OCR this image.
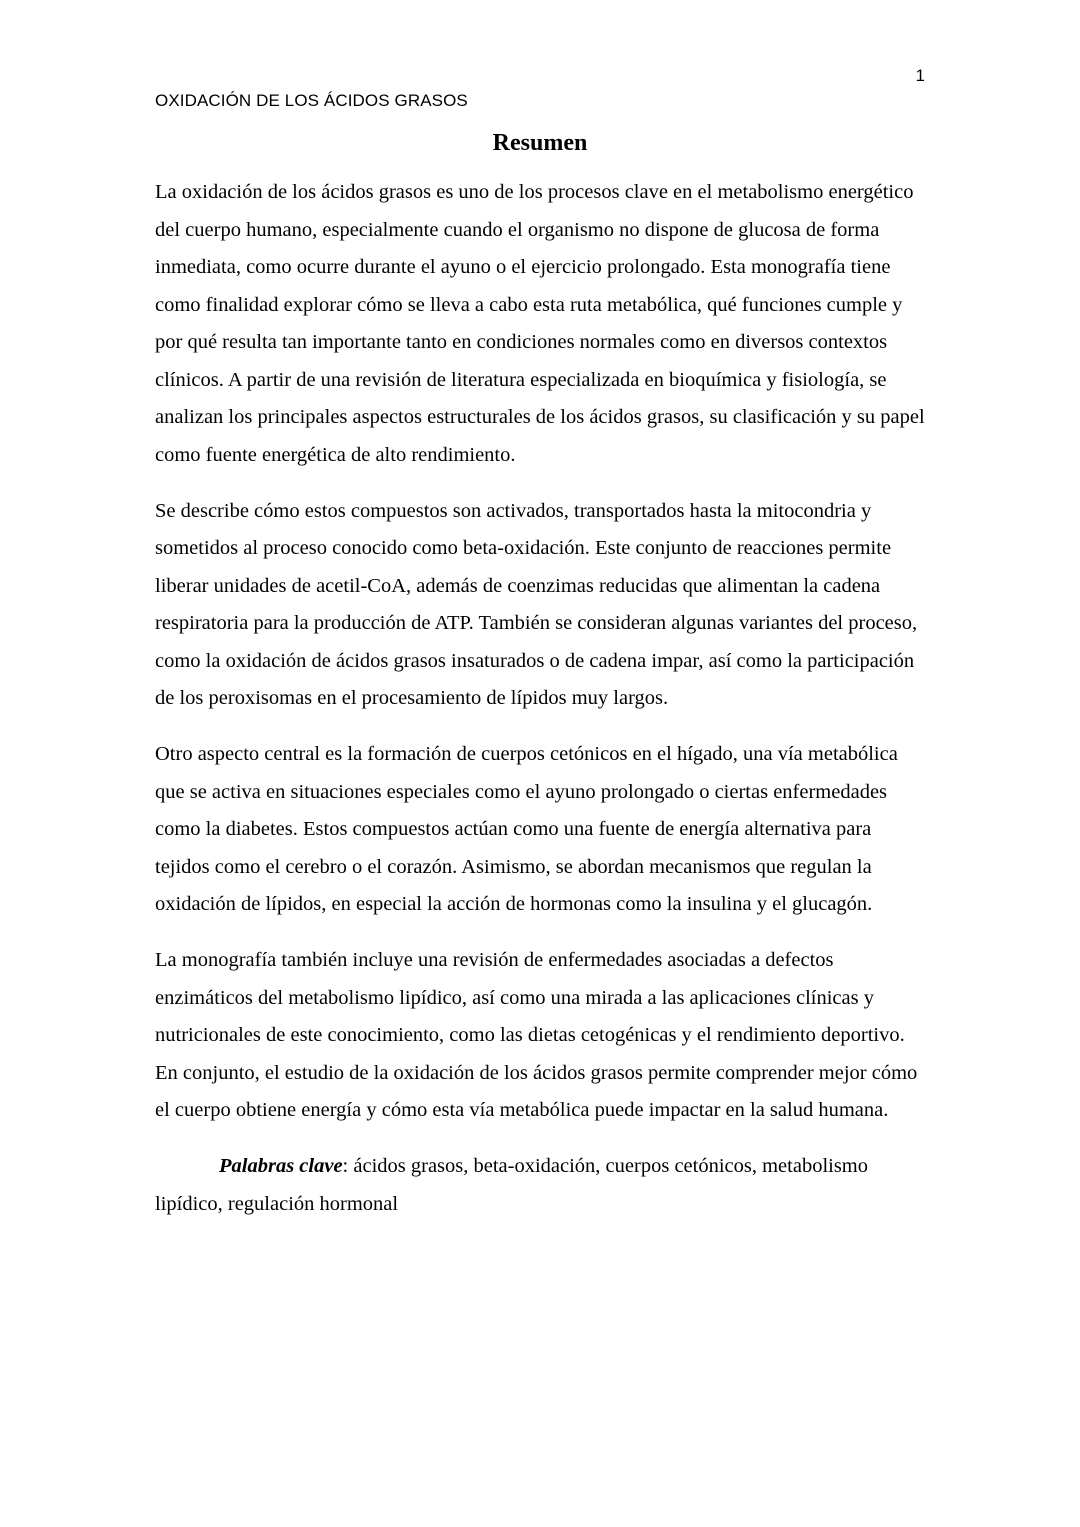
1
OXIDACIÓN DE LOS ÁCIDOS GRASOS
Resumen

La oxidación de los ácidos grasos es uno de los procesos clave en el metabolismo energético del cuerpo humano, especialmente cuando el organismo no dispone de glucosa de forma inmediata, como ocurre durante el ayuno o el ejercicio prolongado. Esta monografía tiene como finalidad explorar cómo se lleva a cabo esta ruta metabólica, qué funciones cumple y por qué resulta tan importante tanto en condiciones normales como en diversos contextos clínicos. A partir de una revisión de literatura especializada en bioquímica y fisiología, se analizan los principales aspectos estructurales de los ácidos grasos, su clasificación y su papel como fuente energética de alto rendimiento.

Se describe cómo estos compuestos son activados, transportados hasta la mitocondria y sometidos al proceso conocido como beta-oxidación. Este conjunto de reacciones permite liberar unidades de acetil-CoA, además de coenzimas reducidas que alimentan la cadena respiratoria para la producción de ATP. También se consideran algunas variantes del proceso, como la oxidación de ácidos grasos insaturados o de cadena impar, así como la participación de los peroxisomas en el procesamiento de lípidos muy largos.

Otro aspecto central es la formación de cuerpos cetónicos en el hígado, una vía metabólica que se activa en situaciones especiales como el ayuno prolongado o ciertas enfermedades como la diabetes. Estos compuestos actúan como una fuente de energía alternativa para tejidos como el cerebro o el corazón. Asimismo, se abordan mecanismos que regulan la oxidación de lípidos, en especial la acción de hormonas como la insulina y el glucagón.

La monografía también incluye una revisión de enfermedades asociadas a defectos enzimáticos del metabolismo lipídico, así como una mirada a las aplicaciones clínicas y nutricionales de este conocimiento, como las dietas cetogénicas y el rendimiento deportivo. En conjunto, el estudio de la oxidación de los ácidos grasos permite comprender mejor cómo el cuerpo obtiene energía y cómo esta vía metabólica puede impactar en la salud humana.

Palabras clave: ácidos grasos, beta-oxidación, cuerpos cetónicos, metabolismo lipídico, regulación hormonal
